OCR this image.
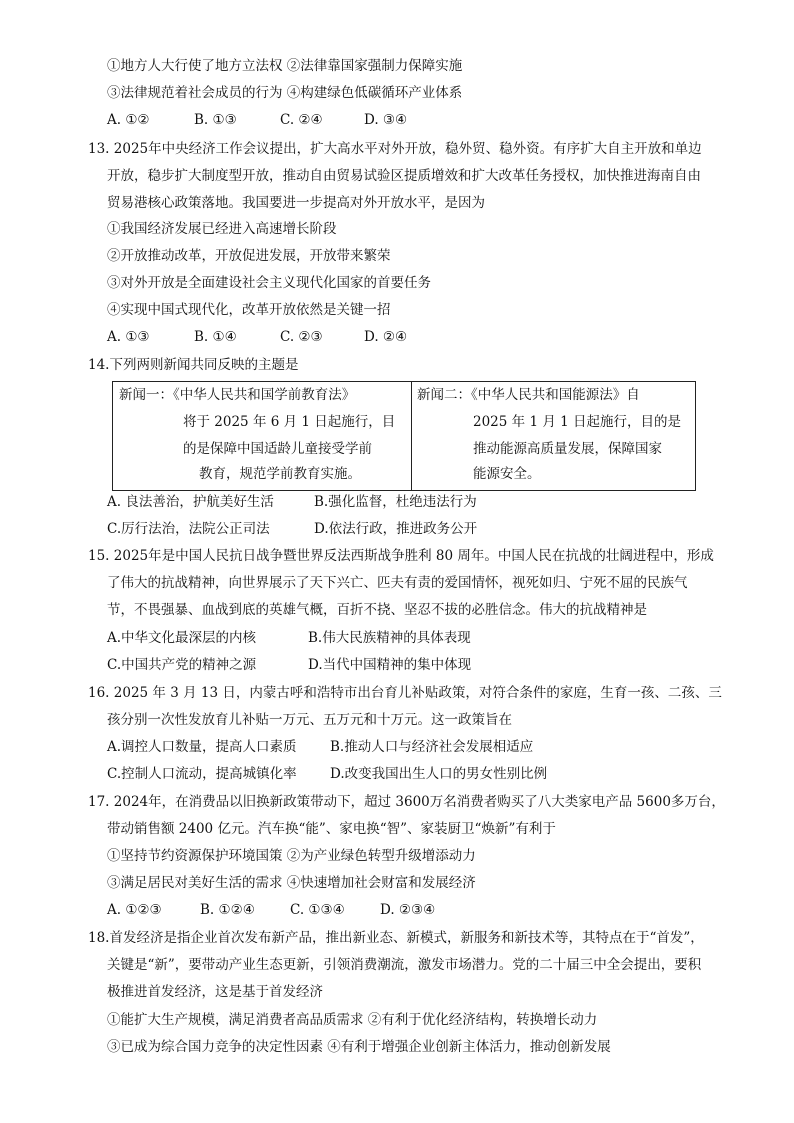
①地方人大行使了地方立法权 ②法律靠国家强制力保障实施
③法律规范着社会成员的行为 ④构建绿色低碳循环产业体系
A. ①②	B. ①③	C. ②④	D. ③④
13. 2025年中央经济工作会议提出，扩大高水平对外开放，稳外贸、稳外资。有序扩大自主开放和单边
开放，稳步扩大制度型开放，推动自由贸易试验区提质增效和扩大改革任务授权，加快推进海南自由
贸易港核心政策落地。我国要进一步提高对外开放水平，是因为
①我国经济发展已经进入高速增长阶段
②开放推动改革，开放促进发展，开放带来繁荣
③对外开放是全面建设社会主义现代化国家的首要任务
④实现中国式现代化，改革开放依然是关键一招
A. ①③	B. ①④	C. ②③	D. ②④
14.下列两则新闻共同反映的主题是
新闻一：《中华人民共和国学前教育法》
将于 2025 年 6 月 1 日起施行，目
的是保障中国适龄儿童接受学前
教育，规范学前教育实施。
新闻二：《中华人民共和国能源法》自
2025 年 1 月 1 日起施行，目的是
推动能源高质量发展，保障国家
能源安全。
A. 良法善治，护航美好生活	B.强化监督，杜绝违法行为
C.厉行法治，法院公正司法	D.依法行政，推进政务公开
15. 2025年是中国人民抗日战争暨世界反法西斯战争胜利 80 周年。中国人民在抗战的壮阔进程中，形成
了伟大的抗战精神，向世界展示了天下兴亡、匹夫有责的爱国情怀，视死如归、宁死不屈的民族气
节，不畏强暴、血战到底的英雄气概，百折不挠、坚忍不拔的必胜信念。伟大的抗战精神是
A.中华文化最深层的内核	B.伟大民族精神的具体表现
C.中国共产党的精神之源	D.当代中国精神的集中体现
16. 2025 年 3 月 13 日，内蒙古呼和浩特市出台育儿补贴政策，对符合条件的家庭，生育一孩、二孩、三
孩分别一次性发放育儿补贴一万元、五万元和十万元。这一政策旨在
A.调控人口数量，提高人口素质 B.推动人口与经济社会发展相适应
C.控制人口流动，提高城镇化率 D.改变我国出生人口的男女性别比例
17. 2024年，在消费品以旧换新政策带动下，超过 3600万名消费者购买了八大类家电产品 5600多万台，
带动销售额 2400 亿元。汽车换“能”、家电换“智”、家装厨卫“焕新”有利于
①坚持节约资源保护环境国策 ②为产业绿色转型升级增添动力
③满足居民对美好生活的需求 ④快速增加社会财富和发展经济
A. ①②③	B. ①②④	C. ①③④	D. ②③④
18.首发经济是指企业首次发布新产品，推出新业态、新模式，新服务和新技术等，其特点在于“首发”，
关键是“新”，要带动产业生态更新，引领消费潮流，激发市场潜力。党的二十届三中全会提出，要积
极推进首发经济，这是基于首发经济
①能扩大生产规模，满足消费者高品质需求 ②有利于优化经济结构，转换增长动力
③已成为综合国力竞争的决定性因素 ④有利于增强企业创新主体活力，推动创新发展
